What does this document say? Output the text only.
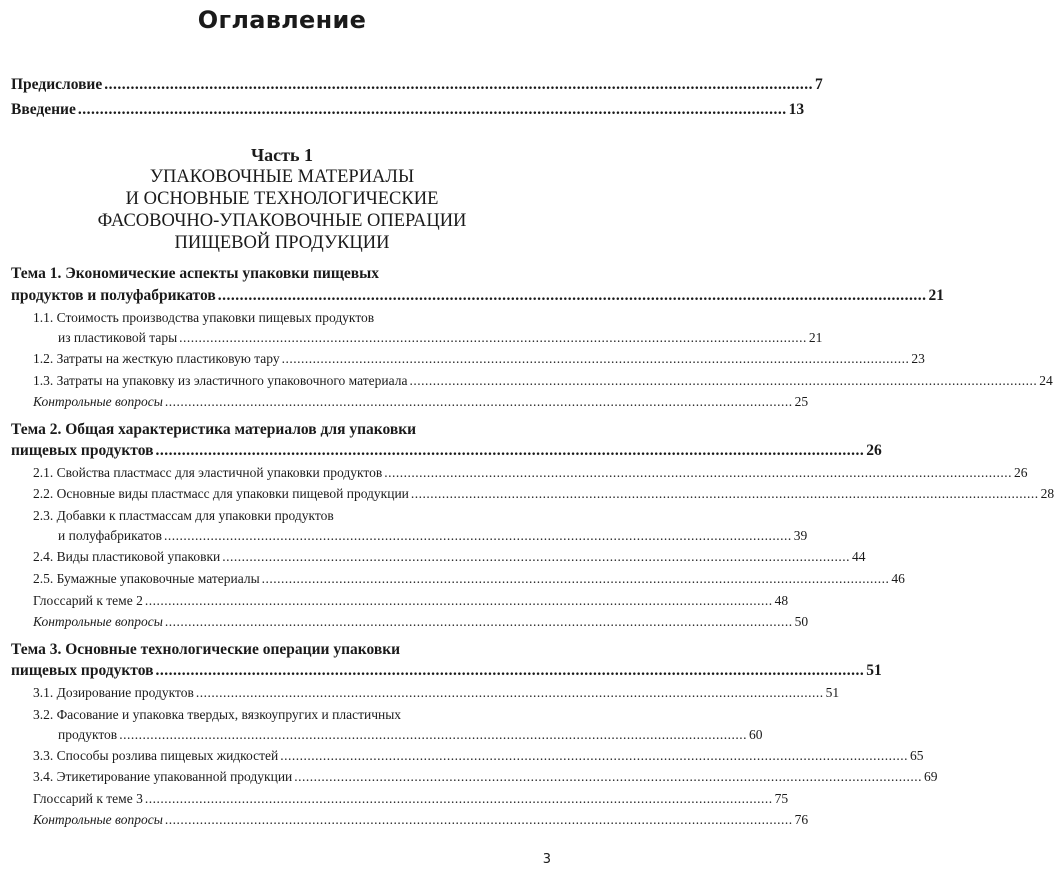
Оглавление
Предисловие .................................................................................................................................................................. 7
Введение .................................................................................................................................................................. 13
Часть 1
УПАКОВОЧНЫЕ МАТЕРИАЛЫ
И ОСНОВНЫЕ ТЕХНОЛОГИЧЕСКИЕ
ФАСОВОЧНО-УПАКОВОЧНЫЕ ОПЕРАЦИИ
ПИЩЕВОЙ ПРОДУКЦИИ
Тема 1. Экономические аспекты упаковки пищевых
продуктов и полуфабрикатов .................................................................................................................................................................. 21
1.1. Стоимость производства упаковки пищевых продуктов
из пластиковой тары .................................................................................................................................................................. 21
1.2. Затраты на жесткую пластиковую тару .................................................................................................................................................................. 23
1.3. Затраты на упаковку из эластичного упаковочного материала .................................................................................................................................................................. 24
Контрольные вопросы .................................................................................................................................................................. 25
Тема 2. Общая характеристика материалов для упаковки
пищевых продуктов .................................................................................................................................................................. 26
2.1. Свойства пластмасс для эластичной упаковки продуктов .................................................................................................................................................................. 26
2.2. Основные виды пластмасс для упаковки пищевой продукции .................................................................................................................................................................. 28
2.3. Добавки к пластмассам для упаковки продуктов
и полуфабрикатов .................................................................................................................................................................. 39
2.4. Виды пластиковой упаковки .................................................................................................................................................................. 44
2.5. Бумажные упаковочные материалы .................................................................................................................................................................. 46
Глоссарий к теме 2 .................................................................................................................................................................. 48
Контрольные вопросы .................................................................................................................................................................. 50
Тема 3. Основные технологические операции упаковки
пищевых продуктов .................................................................................................................................................................. 51
3.1. Дозирование продуктов .................................................................................................................................................................. 51
3.2. Фасование и упаковка твердых, вязкоупругих и пластичных
продуктов .................................................................................................................................................................. 60
3.3. Способы розлива пищевых жидкостей .................................................................................................................................................................. 65
3.4. Этикетирование упакованной продукции .................................................................................................................................................................. 69
Глоссарий к теме 3 .................................................................................................................................................................. 75
Контрольные вопросы .................................................................................................................................................................. 76
3
